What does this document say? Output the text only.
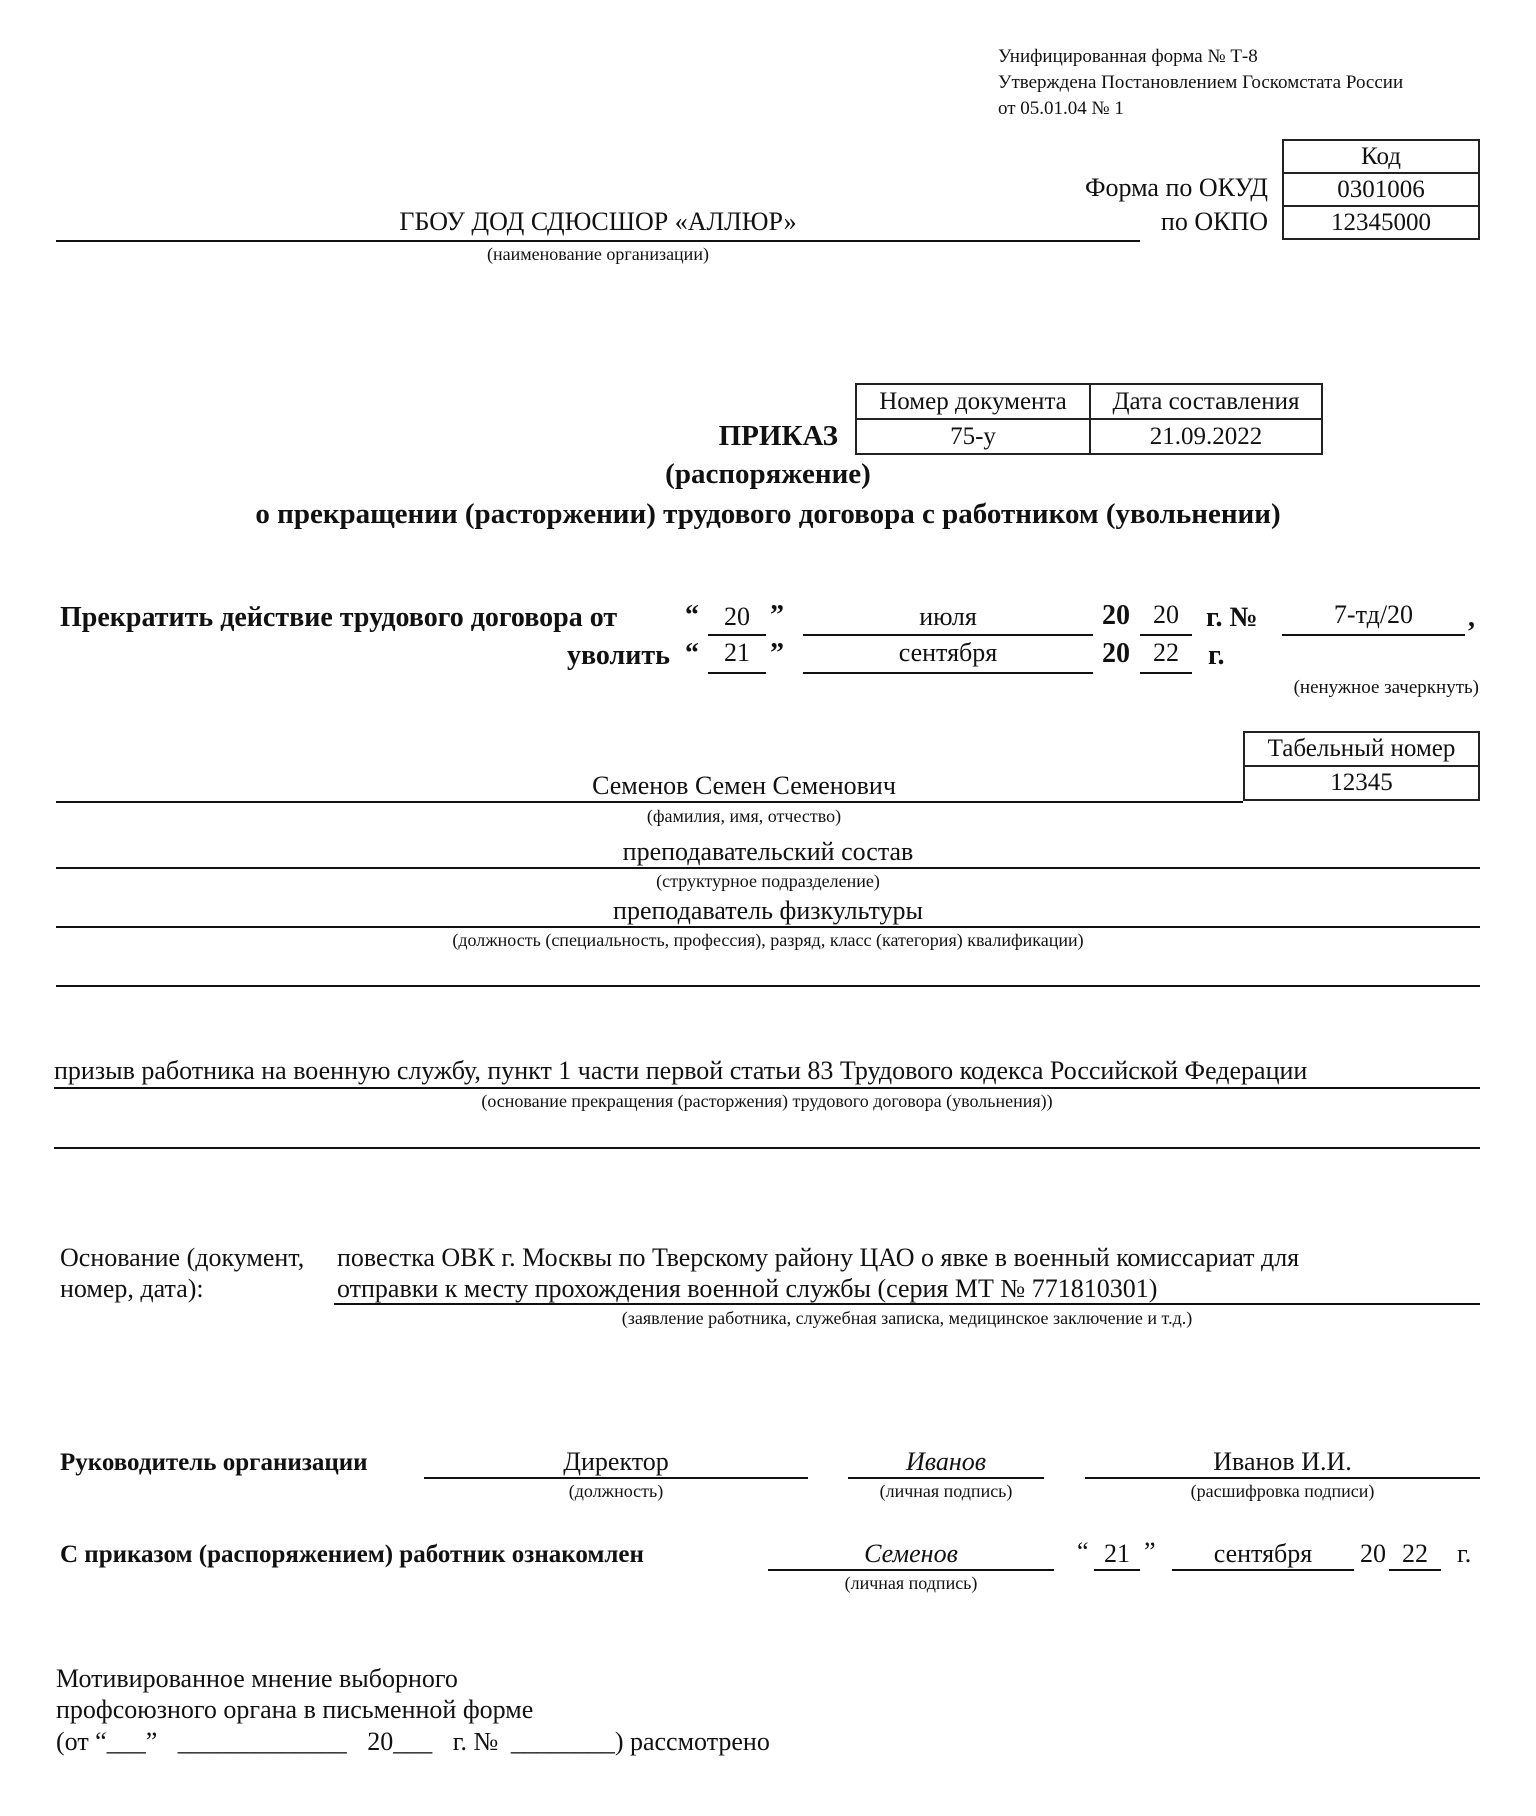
Унифицированная форма № Т-8
Утверждена Постановлением Госкомстата России
от 05.01.04 № 1
Код
0301006
12345000
Форма по ОКУД
по ОКПО
ГБОУ ДОД СДЮСШОР «АЛЛЮР»
(наименование организации)
Номер документа	Дата составления
75-у	21.09.2022
ПРИКАЗ
(распоряжение)
о прекращении (расторжении) трудового договора с работником (увольнении)
Прекратить действие трудового договора от “ 20 ”	июля	20 20 г. №	7-тд/20	,
уволить “ 21 ”	сентября	20 22	г.
(ненужное зачеркнуть)
Табельный номер
12345
Семенов Семен Семенович
(фамилия, имя, отчество)
преподавательский состав
(структурное подразделение)
преподаватель физкультуры
(должность (специальность, профессия), разряд, класс (категория) квалификации)
призыв работника на военную службу, пункт 1 части первой статьи 83 Трудового кодекса Российской Федерации
(основание прекращения (расторжения) трудового договора (увольнения))
Основание (документ,
номер, дата):
повестка ОВК г. Москвы по Тверскому району ЦАО о явке в военный комиссариат для
отправки к месту прохождения военной службы (серия МТ № 771810301)
(заявление работника, служебная записка, медицинское заключение и т.д.)
Руководитель организации	Директор
(должность)
Иванов
(личная подпись)
Иванов И.И.
(расшифровка подписи)
С приказом (распоряжением) работник ознакомлен	Семенов
(личная подпись)
“ 21 ”	сентября	20 22	г.
Мотивированное мнение выборного
профсоюзного органа в письменной форме
(от “___” _____________ 20___ г. № ________) рассмотрено
